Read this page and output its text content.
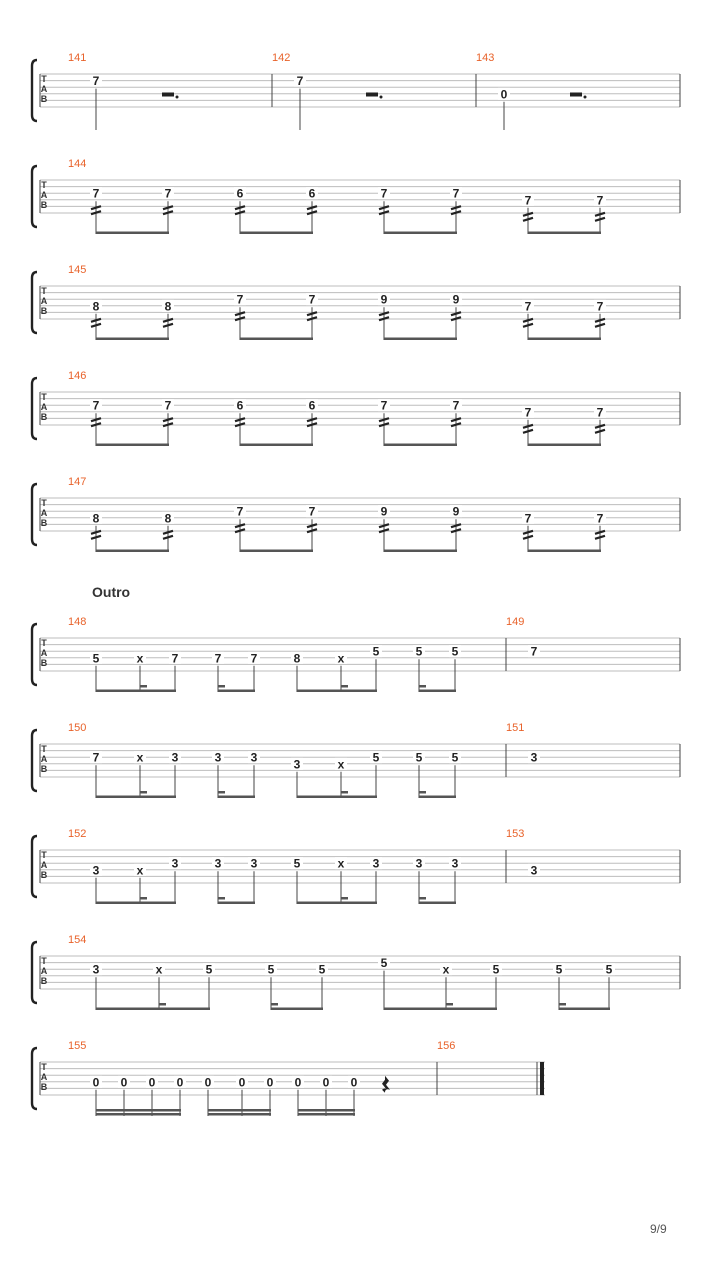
T
A
B
141
7
142
7
143
0
T
A
B
144
7	7	6	6	7	7	7	7
T
A
B
145
8	8	7	7	9	9	7	7
T
A
B
146
7	7	6	6	7	7	7	7
T
A
B
147
8	8	7	7	9	9	7	7
T
A
B
Outro
148
5	x 7	7 7	8	x 5	5 5
149
7
T
A
B
150
7	x 3	3 3	3	x 5	5 5
151
3
T
A
B
152
3	x 3	3 3	5	x 3	3 3
153
3
T
A
B
154
3	x	5	5	5	5	x	5	5	5
T
A
B
155
0 0 0 0 0 0 0 0 0 0
156
9/9
